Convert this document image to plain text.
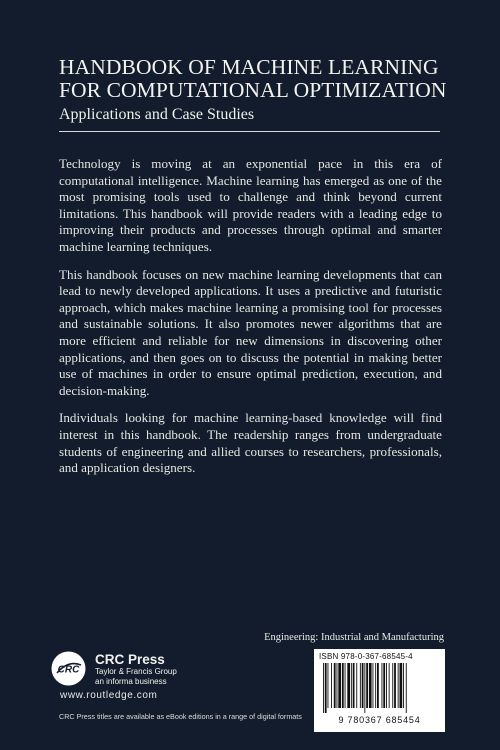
HANDBOOK OF MACHINE LEARNING
FOR COMPUTATIONAL OPTIMIZATION
Applications and Case Studies

Technology is moving at an exponential pace in this era of computational intelligence. Machine learning has emerged as one of the most promising tools used to challenge and think beyond current limitations. This handbook will provide readers with a leading edge to improving their products and processes through optimal and smarter machine learning techniques.

This handbook focuses on new machine learning developments that can lead to newly developed applications. It uses a predictive and futuristic approach, which makes machine learning a promising tool for processes and sustainable solutions. It also promotes newer algorithms that are more efficient and reliable for new dimensions in discovering other applications, and then goes on to discuss the potential in making better use of machines in order to ensure optimal prediction, execution, and decision-making.

Individuals looking for machine learning-based knowledge will find interest in this handbook. The readership ranges from undergraduate students of engineering and allied courses to researchers, professionals, and application designers.

Engineering: Industrial and Manufacturing
CRC
CRC Press
Taylor & Francis Group
an informa business
www.routledge.com
CRC Press titles are available as eBook editions in a range of digital formats
ISBN 978-0-367-68545-4
9 780367 685454
